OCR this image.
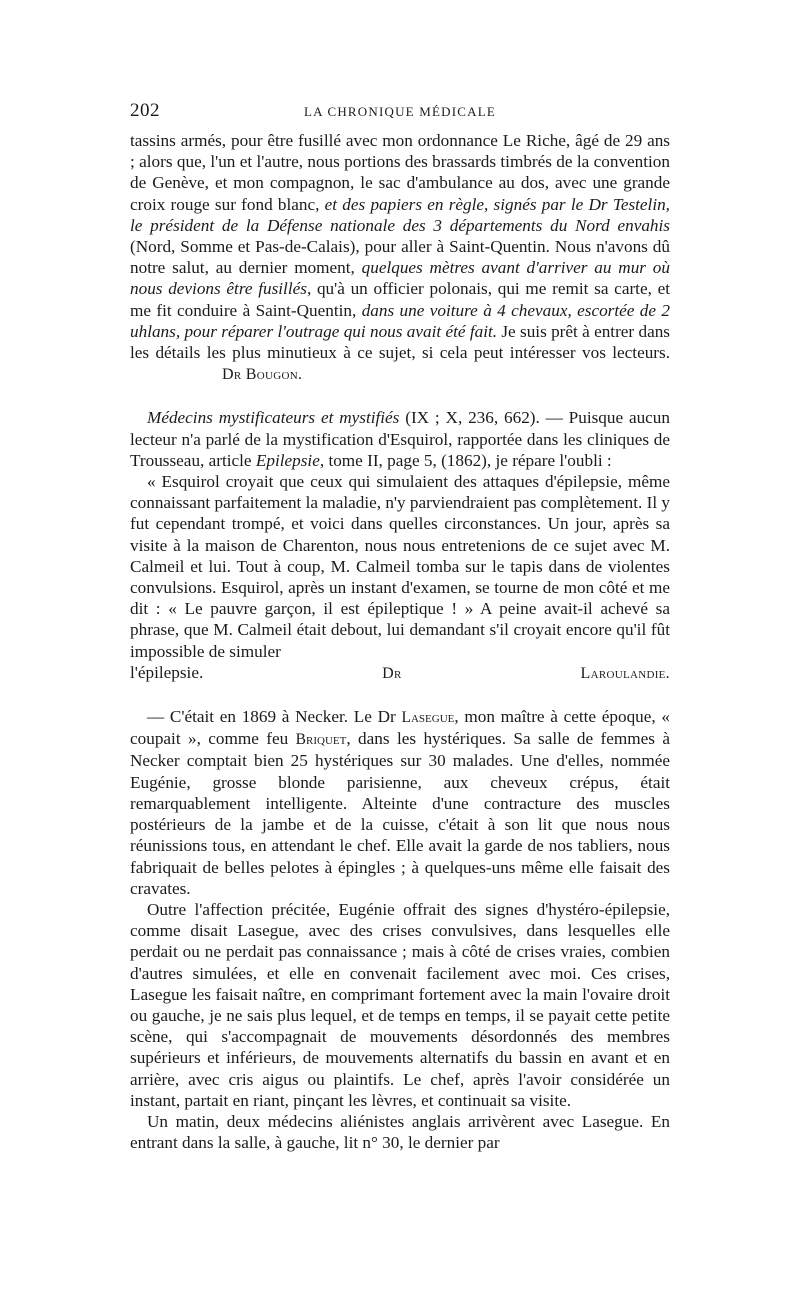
202	LA CHRONIQUE MÉDICALE

tassins armés, pour être fusillé avec mon ordonnance Le Riche, âgé de 29 ans ; alors que, l'un et l'autre, nous portions des brassards timbrés de la convention de Genève, et mon compagnon, le sac d'ambulance au dos, avec une grande croix rouge sur fond blanc, et des papiers en règle, signés par le Dr Testelin, le président de la Défense nationale des 3 départements du Nord envahis (Nord, Somme et Pas-de-Calais), pour aller à Saint-Quentin. Nous n'avons dû notre salut, au dernier moment, quelques mètres avant d'arriver au mur où nous devions être fusillés, qu'à un officier polonais, qui me remit sa carte, et me fit conduire à Saint-Quentin, dans une voiture à 4 chevaux, escortée de 2 uhlans, pour réparer l'outrage qui nous avait été fait. Je suis prêt à entrer dans les détails les plus minutieux à ce sujet, si cela peut intéresser vos lecteurs.Dr Bougon.

Médecins mystificateurs et mystifiés (IX ; X, 236, 662). — Puisque aucun lecteur n'a parlé de la mystification d'Esquirol, rapportée dans les cliniques de Trousseau, article Epilepsie, tome II, page 5, (1862), je répare l'oubli :

« Esquirol croyait que ceux qui simulaient des attaques d'épilepsie, même connaissant parfaitement la maladie, n'y parviendraient pas complètement. Il y fut cependant trompé, et voici dans quelles circonstances. Un jour, après sa visite à la maison de Charenton, nous nous entretenions de ce sujet avec M. Calmeil et lui. Tout à coup, M. Calmeil tomba sur le tapis dans de violentes convulsions. Esquirol, après un instant d'examen, se tourne de mon côté et me dit : « Le pauvre garçon, il est épileptique ! » A peine avait-il achevé sa phrase, que M. Calmeil était debout, lui demandant s'il croyait encore qu'il fût impossible de simuler

l'épilepsie.	Dr Laroulandie.

— C'était en 1869 à Necker. Le Dr Lasegue, mon maître à cette époque, « coupait », comme feu Briquet, dans les hystériques. Sa salle de femmes à Necker comptait bien 25 hystériques sur 30 malades. Une d'elles, nommée Eugénie, grosse blonde parisienne, aux cheveux crépus, était remarquablement intelligente. Alteinte d'une contracture des muscles postérieurs de la jambe et de la cuisse, c'était à son lit que nous nous réunissions tous, en attendant le chef. Elle avait la garde de nos tabliers, nous fabriquait de belles pelotes à épingles ; à quelques-uns même elle faisait des cravates.

Outre l'affection précitée, Eugénie offrait des signes d'hystéro-épilepsie, comme disait Lasegue, avec des crises convulsives, dans lesquelles elle perdait ou ne perdait pas connaissance ; mais à côté de crises vraies, combien d'autres simulées, et elle en convenait facilement avec moi. Ces crises, Lasegue les faisait naître, en comprimant fortement avec la main l'ovaire droit ou gauche, je ne sais plus lequel, et de temps en temps, il se payait cette petite scène, qui s'accompagnait de mouvements désordonnés des membres supérieurs et inférieurs, de mouvements alternatifs du bassin en avant et en arrière, avec cris aigus ou plaintifs. Le chef, après l'avoir considérée un instant, partait en riant, pinçant les lèvres, et continuait sa visite.

Un matin, deux médecins aliénistes anglais arrivèrent avec Lasegue. En entrant dans la salle, à gauche, lit n° 30, le dernier par
